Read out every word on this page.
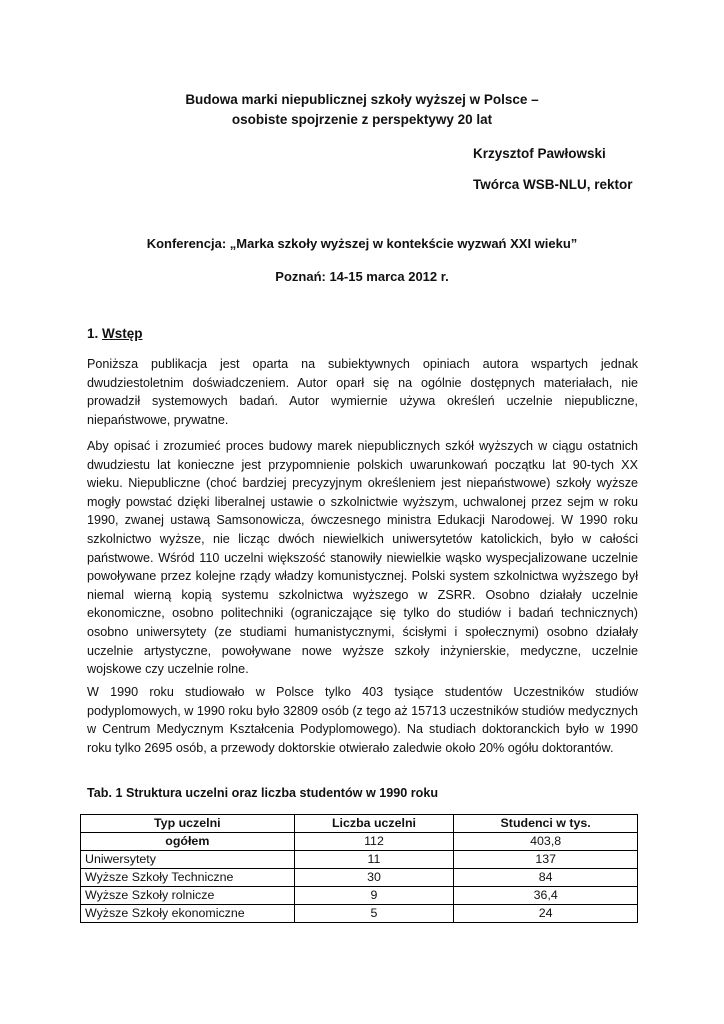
Budowa marki niepublicznej szkoły wyższej w Polsce –
osobiste spojrzenie z perspektywy 20 lat
Krzysztof Pawłowski
Twórca WSB-NLU, rektor
Konferencja: „Marka szkoły wyższej w kontekście wyzwań XXI wieku”
Poznań: 14-15 marca 2012 r.
1. Wstęp
Poniższa publikacja jest oparta na subiektywnych opiniach autora wspartych jednak dwudziestoletnim doświadczeniem. Autor oparł się na ogólnie dostępnych materiałach, nie prowadził systemowych badań. Autor wymiernie używa określeń uczelnie niepubliczne, niepaństwowe, prywatne.
Aby opisać i zrozumieć proces budowy marek niepublicznych szkół wyższych w ciągu ostatnich dwudziestu lat konieczne jest przypomnienie polskich uwarunkowań początku lat 90-tych XX wieku. Niepubliczne (choć bardziej precyzyjnym określeniem jest niepaństwowe) szkoły wyższe mogły powstać dzięki liberalnej ustawie o szkolnictwie wyższym, uchwalonej przez sejm w roku 1990, zwanej ustawą Samsonowicza, ówczesnego ministra Edukacji Narodowej. W 1990 roku szkolnictwo wyższe, nie licząc dwóch niewielkich uniwersytetów katolickich, było w całości państwowe. Wśród 110 uczelni większość stanowiły niewielkie wąsko wyspecjalizowane uczelnie powoływane przez kolejne rządy władzy komunistycznej. Polski system szkolnictwa wyższego był niemal wierną kopią systemu szkolnictwa wyższego w ZSRR. Osobno działały uczelnie ekonomiczne, osobno politechniki (ograniczające się tylko do studiów i badań technicznych) osobno uniwersytety (ze studiami humanistycznymi, ścisłymi i społecznymi) osobno działały uczelnie artystyczne, powoływane nowe wyższe szkoły inżynierskie, medyczne, uczelnie wojskowe czy uczelnie rolne.
W 1990 roku studiowało w Polsce tylko 403 tysiące studentów Uczestników studiów podyplomowych, w 1990 roku było 32809 osób (z tego aż 15713 uczestników studiów medycznych w Centrum Medycznym Kształcenia Podyplomowego). Na studiach doktoranckich było w 1990 roku tylko 2695 osób, a przewody doktorskie otwierało zaledwie około 20% ogółu doktorantów.
Tab. 1 Struktura uczelni oraz liczba studentów w 1990 roku
Typ uczelni	Liczba uczelni	Studenci w tys.
ogółem	112	403,8
Uniwersytety	11	137
Wyższe Szkoły Techniczne	30	84
Wyższe Szkoły rolnicze	9	36,4
Wyższe Szkoły ekonomiczne	5	24
